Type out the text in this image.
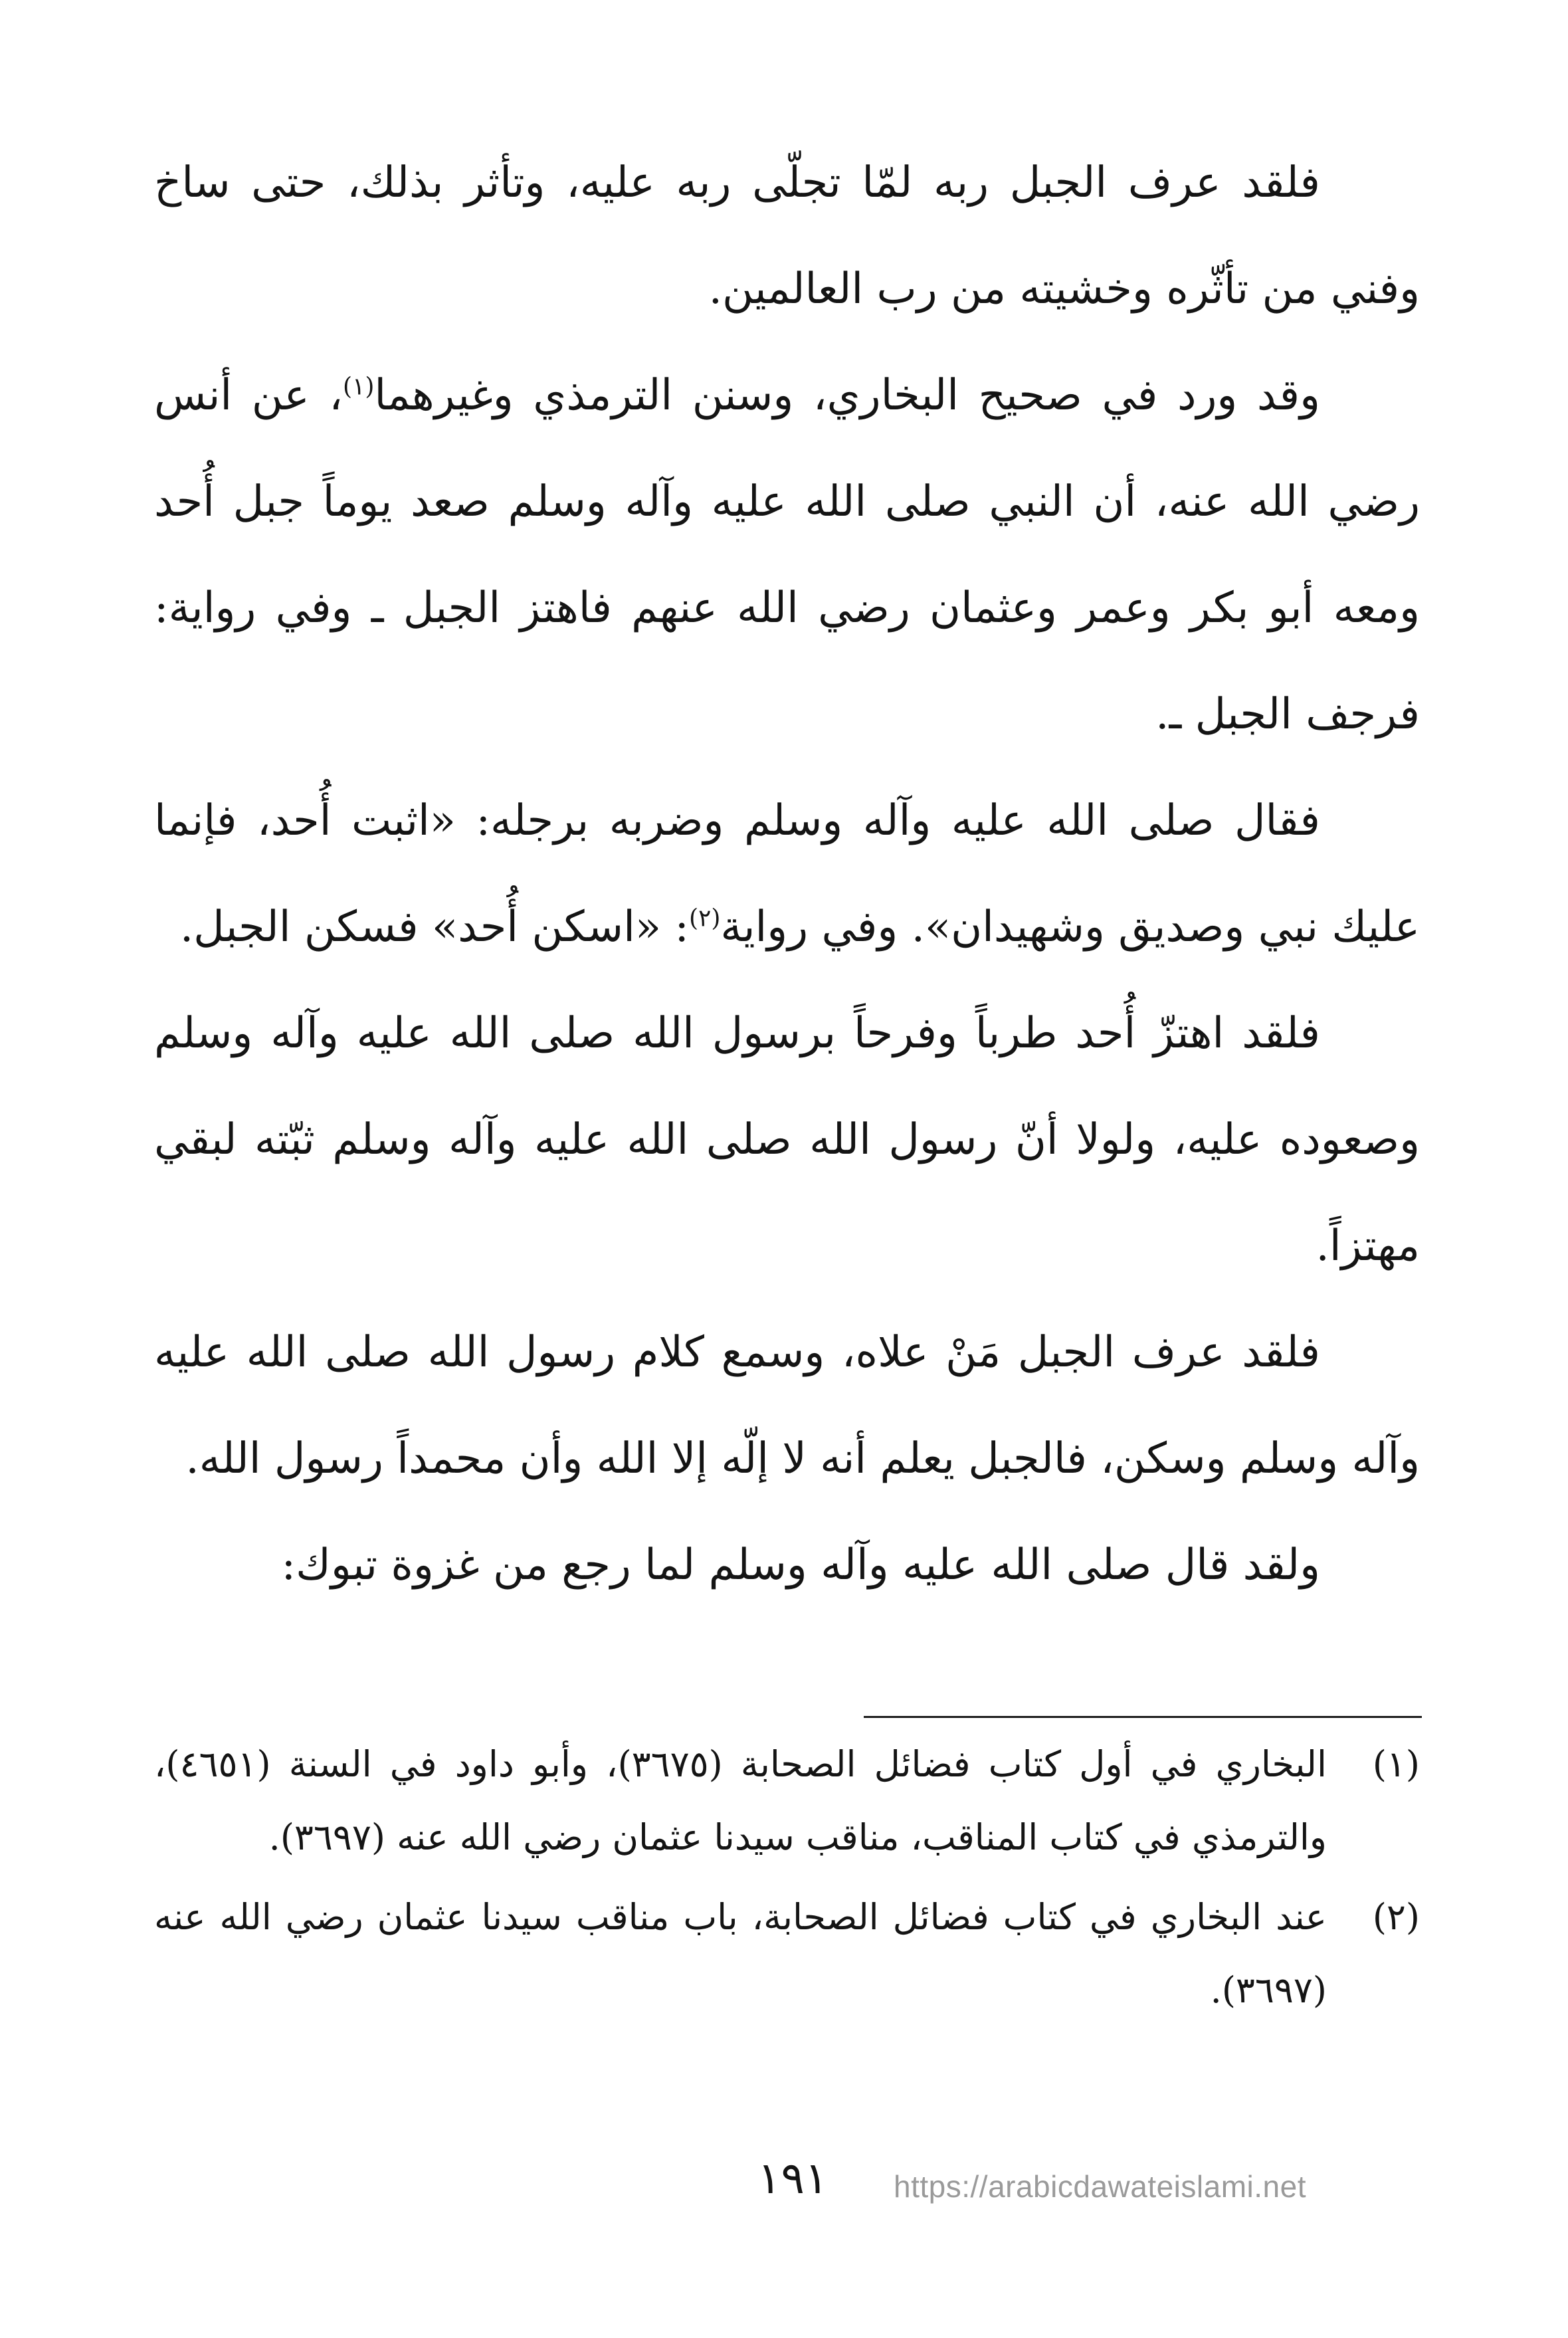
فلقد عرف الجبل ربه لمّا تجلّى ربه عليه، وتأثر بذلك، حتى ساخ وفني من تأثّره وخشيته من رب العالمين.

وقد ورد في صحيح البخاري، وسنن الترمذي وغيرهما$^{(١)}$، عن أنس رضي الله عنه، أن النبي صلى الله عليه وآله وسلم صعد يوماً جبل أُحد ومعه أبو بكر وعمر وعثمان رضي الله عنهم فاهتز الجبل ـ وفي رواية: فرجف الجبل ـ.

فقال صلى الله عليه وآله وسلم وضربه برجله: «اثبت أُحد، فإنما عليك نبي وصديق وشهيدان». وفي رواية$^{(٢)}$: «اسكن أُحد» فسكن الجبل.

فلقد اهتزّ أُحد طرباً وفرحاً برسول الله صلى الله عليه وآله وسلم وصعوده عليه، ولولا أنّ رسول الله صلى الله عليه وآله وسلم ثبّته لبقي مهتزاً.

فلقد عرف الجبل مَنْ علاه، وسمع كلام رسول الله صلى الله عليه وآله وسلم وسكن، فالجبل يعلم أنه لا إلّه إلا الله وأن محمداً رسول الله.

ولقد قال صلى الله عليه وآله وسلم لما رجع من غزوة تبوك:

(١)
البخاري في أول كتاب فضائل الصحابة (٣٦٧٥)، وأبو داود في السنة (٤٦٥١)، والترمذي في كتاب المناقب، مناقب سيدنا عثمان رضي الله عنه (٣٦٩٧).
(٢)
عند البخاري في كتاب فضائل الصحابة، باب مناقب سيدنا عثمان رضي الله عنه (٣٦٩٧).
١٩١ https://arabicdawateislami.net
